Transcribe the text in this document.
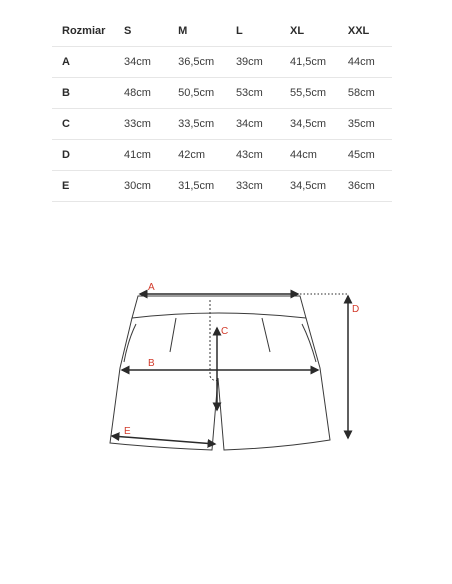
Rozmiar	S	M	L	XL	XXL
A	34cm	36,5cm	39cm	41,5cm	44cm
B	48cm	50,5cm	53cm	55,5cm	58cm
C	33cm	33,5cm	34cm	34,5cm	35cm
D	41cm	42cm	43cm	44cm	45cm
E	30cm	31,5cm	33cm	34,5cm	36cm
A
B
C
D
E
